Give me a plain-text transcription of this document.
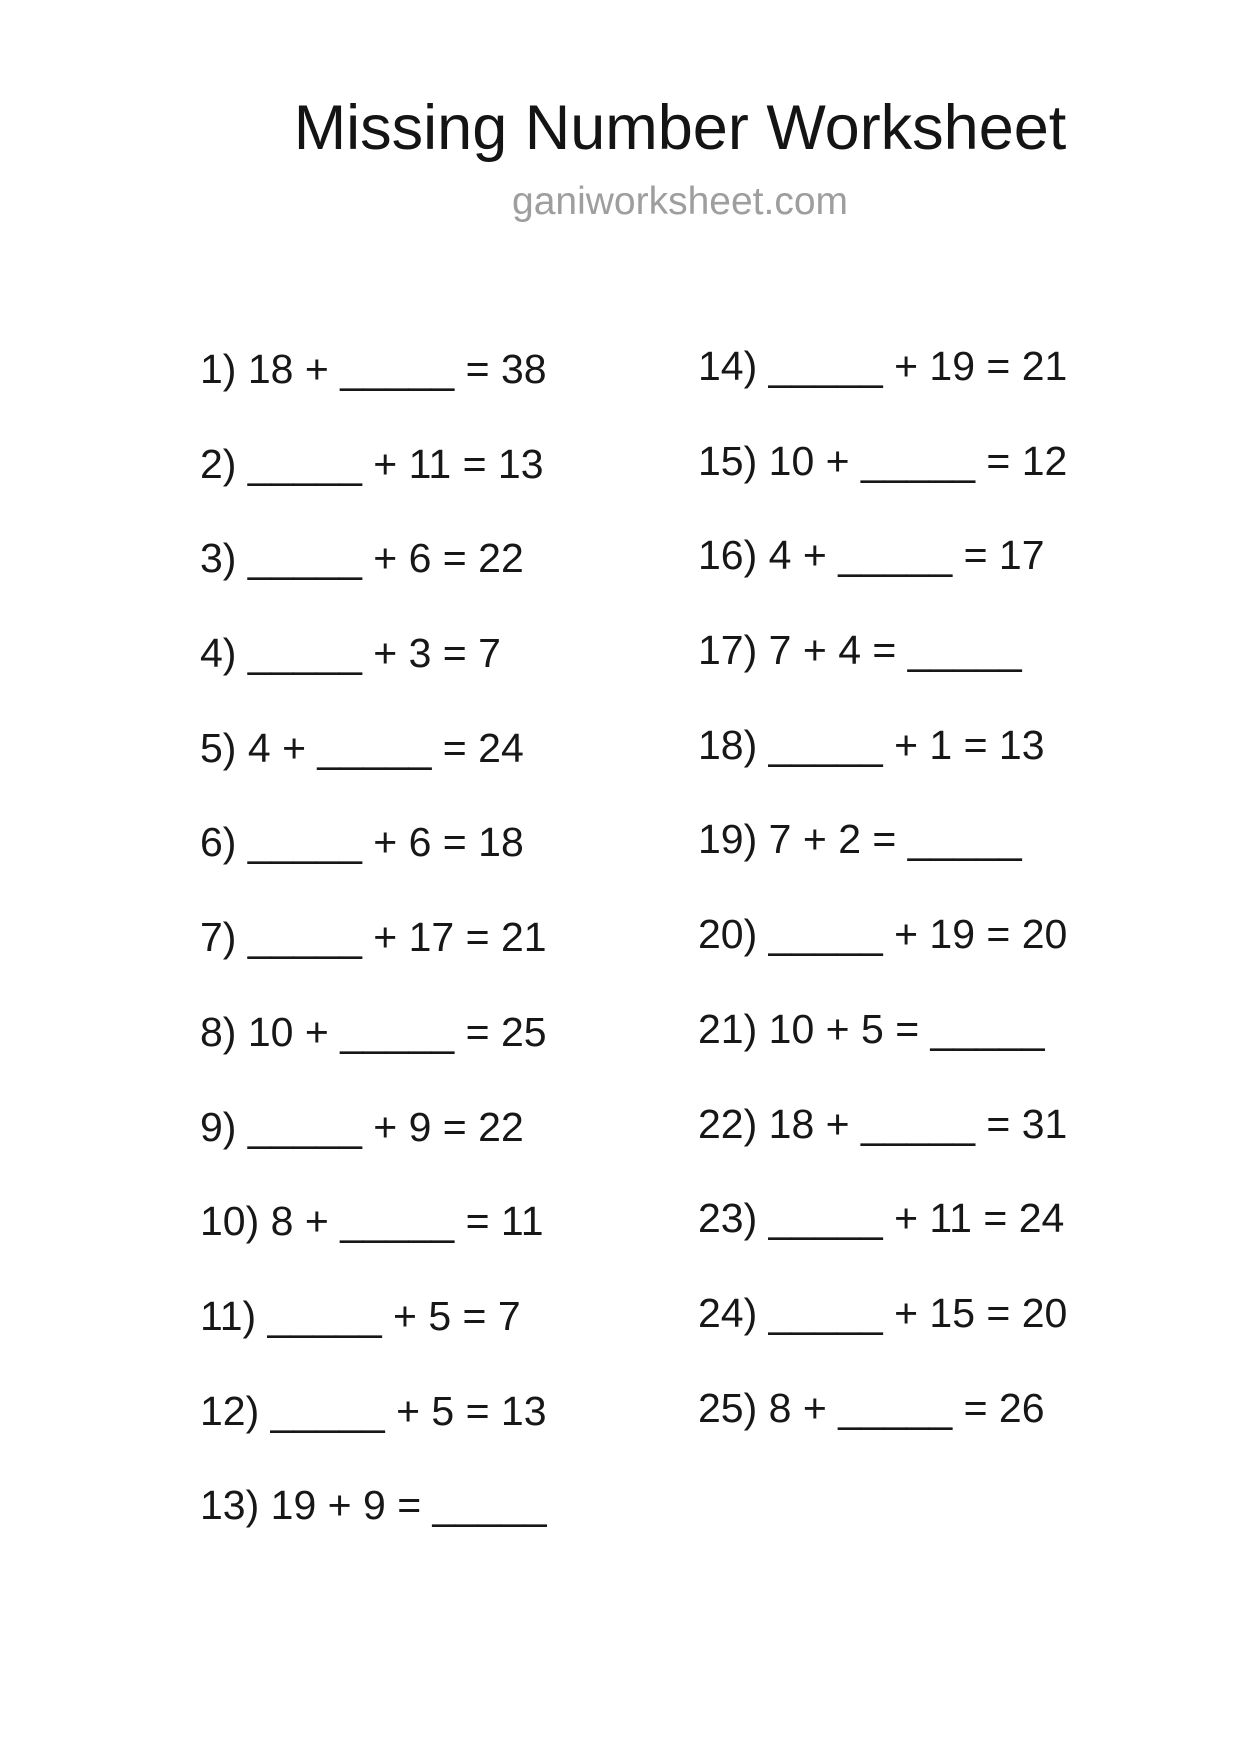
Missing Number Worksheet
ganiworksheet.com
1) 18 + _____ = 38
2) _____ + 11 = 13
3) _____ + 6 = 22
4) _____ + 3 = 7
5) 4 + _____ = 24
6) _____ + 6 = 18
7) _____ + 17 = 21
8) 10 + _____ = 25
9) _____ + 9 = 22
10) 8 + _____ = 11
11) _____ + 5 = 7
12) _____ + 5 = 13
13) 19 + 9 = _____
14) _____ + 19 = 21
15) 10 + _____ = 12
16) 4 + _____ = 17
17) 7 + 4 = _____
18) _____ + 1 = 13
19) 7 + 2 = _____
20) _____ + 19 = 20
21) 10 + 5 = _____
22) 18 + _____ = 31
23) _____ + 11 = 24
24) _____ + 15 = 20
25) 8 + _____ = 26
